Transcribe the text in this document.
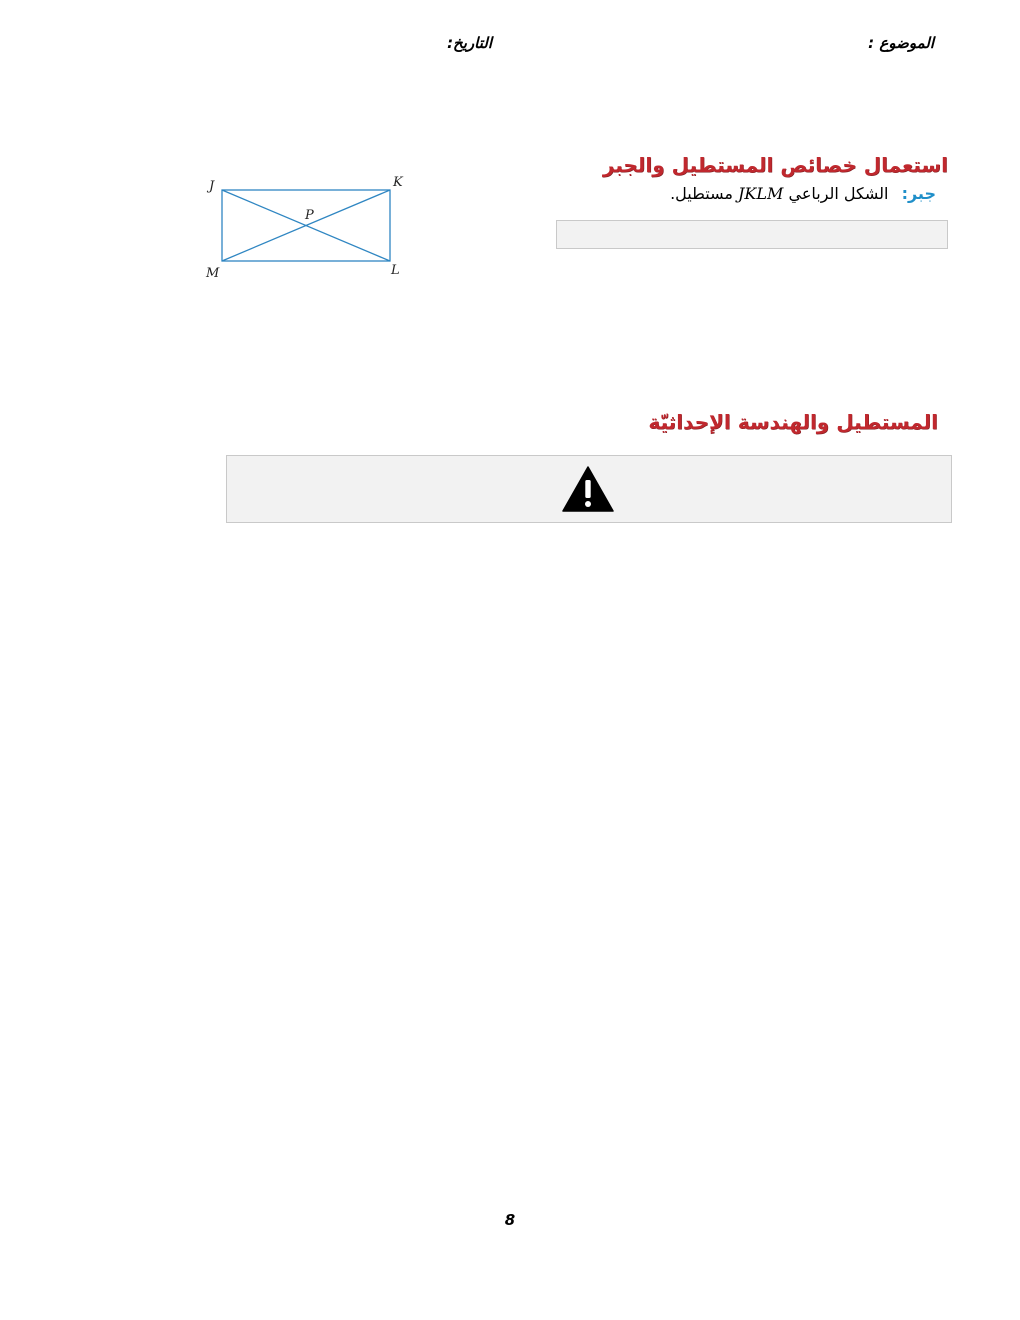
الموضوع :
التاريخ:
استعمال خصائص المستطيل والجبر
جبر: الشكل الرباعي JKLM مستطيل.
J	K
L
M
P
المستطيل والهندسة الإحداثيّة
8
